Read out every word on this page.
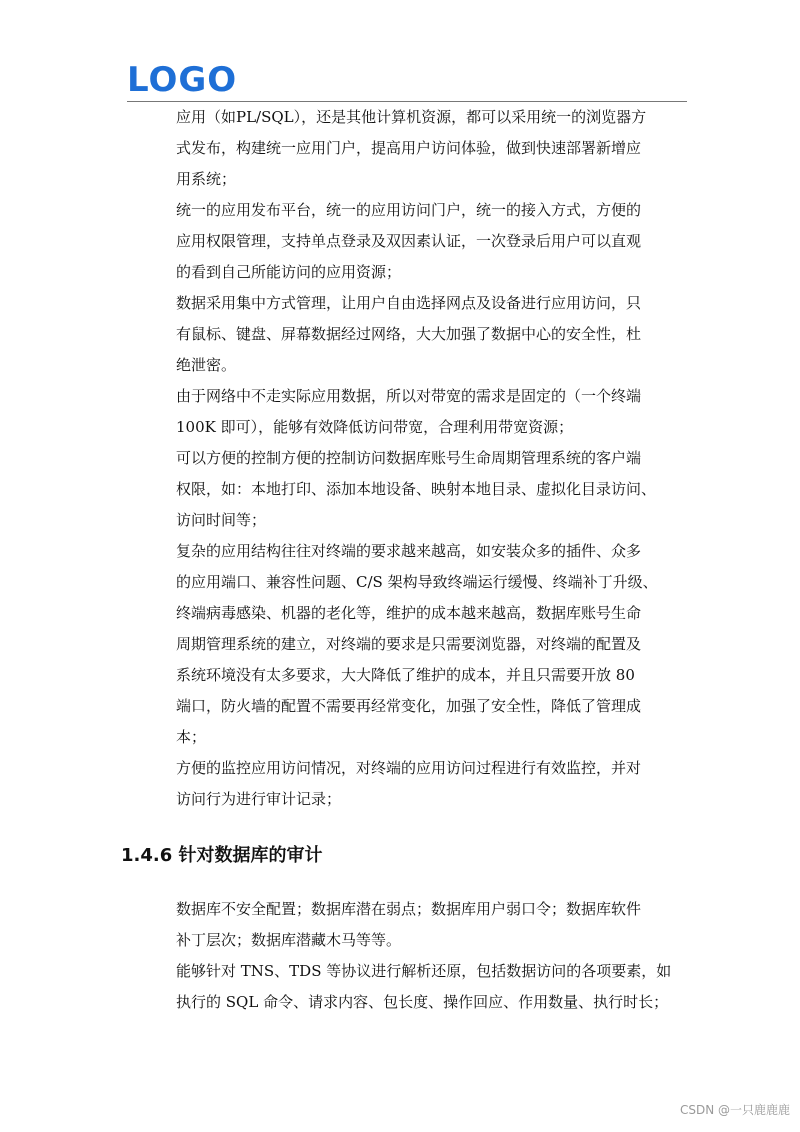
LOGO
应用（如PL/SQL），还是其他计算机资源，都可以采用统一的浏览器方
式发布，构建统一应用门户，提高用户访问体验，做到快速部署新增应
用系统；
统一的应用发布平台，统一的应用访问门户，统一的接入方式，方便的
应用权限管理，支持单点登录及双因素认证，一次登录后用户可以直观
的看到自己所能访问的应用资源；
数据采用集中方式管理，让用户自由选择网点及设备进行应用访问，只
有鼠标、键盘、屏幕数据经过网络，大大加强了数据中心的安全性，杜
绝泄密。
由于网络中不走实际应用数据，所以对带宽的需求是固定的（一个终端
100K 即可），能够有效降低访问带宽，合理利用带宽资源；
可以方便的控制方便的控制访问数据库账号生命周期管理系统的客户端
权限，如：本地打印、添加本地设备、映射本地目录、虚拟化目录访问、
访问时间等；
复杂的应用结构往往对终端的要求越来越高，如安装众多的插件、众多
的应用端口、兼容性问题、C/S 架构导致终端运行缓慢、终端补丁升级、
终端病毒感染、机器的老化等，维护的成本越来越高，数据库账号生命
周期管理系统的建立，对终端的要求是只需要浏览器，对终端的配置及
系统环境没有太多要求，大大降低了维护的成本，并且只需要开放 80
端口，防火墙的配置不需要再经常变化，加强了安全性，降低了管理成
本；
方便的监控应用访问情况，对终端的应用访问过程进行有效监控，并对
访问行为进行审计记录；
1.4.6 针对数据库的审计
数据库不安全配置；数据库潜在弱点；数据库用户弱口令；数据库软件
补丁层次；数据库潜藏木马等等。
能够针对 TNS、TDS 等协议进行解析还原，包括数据访问的各项要素，如
执行的 SQL 命令、请求内容、包长度、操作回应、作用数量、执行时长；
CSDN @一只鹿鹿鹿
